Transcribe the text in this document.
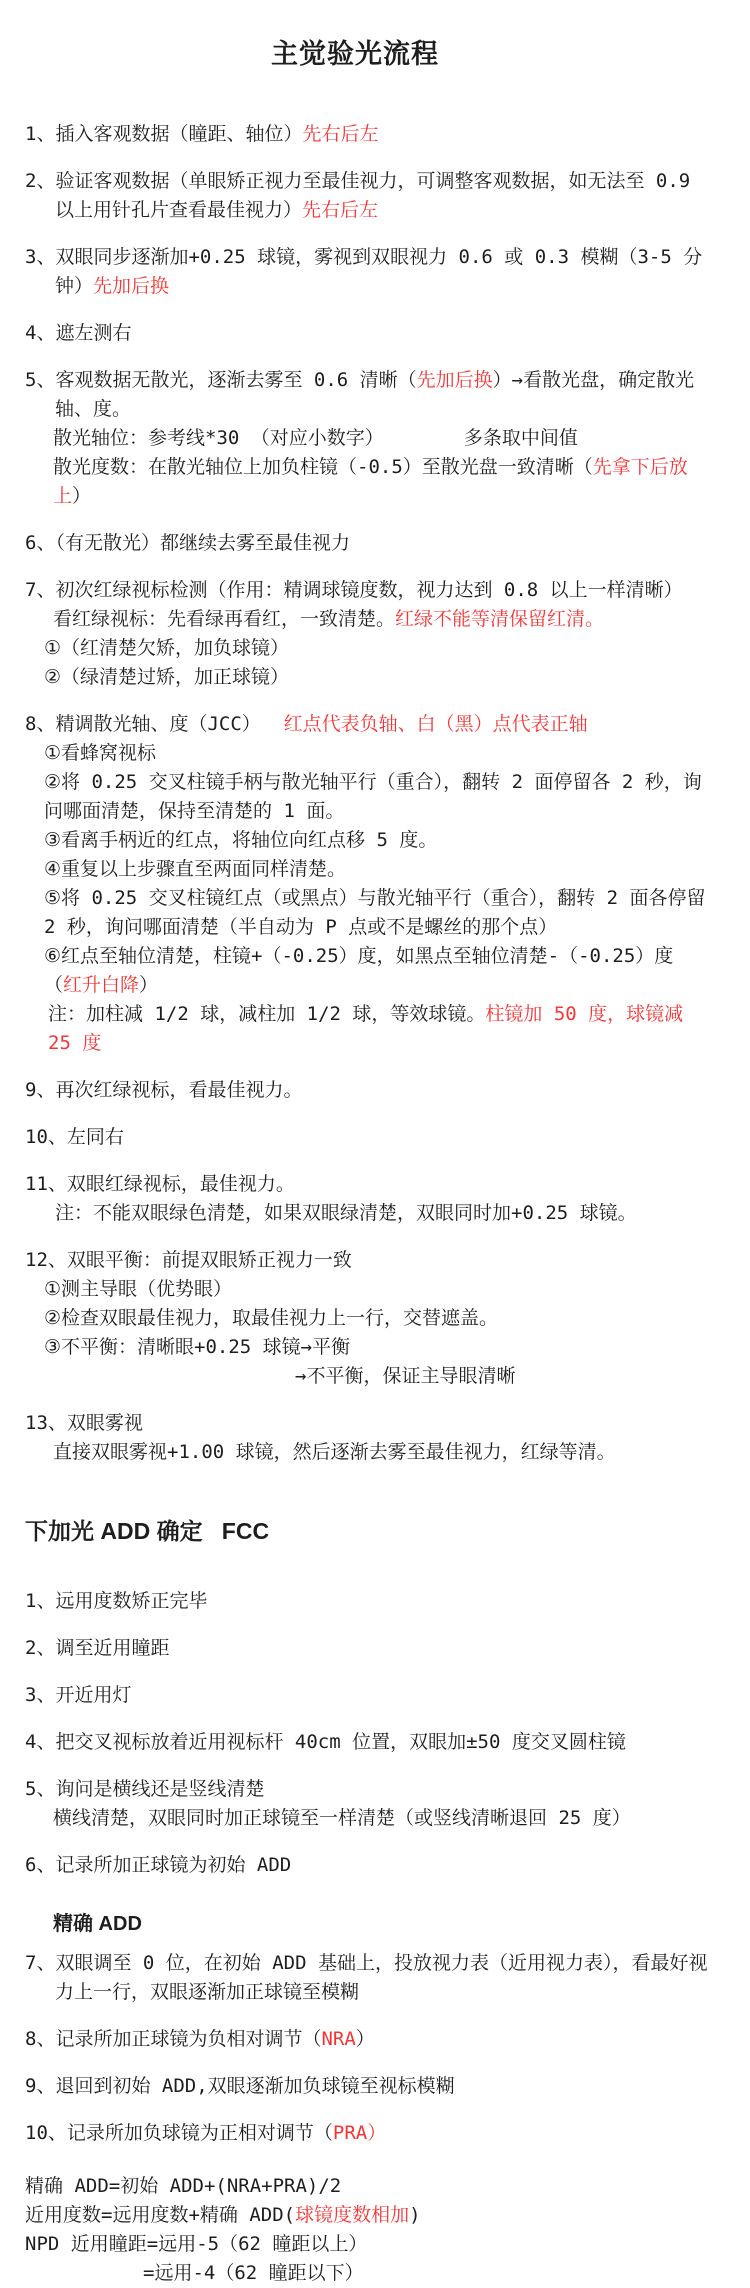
主觉验光流程
1、插入客观数据（瞳距、轴位）先右后左
2、验证客观数据（单眼矫正视力至最佳视力，可调整客观数据，如无法至 0.9 以上用针孔片查看最佳视力）先右后左
3、双眼同步逐渐加+0.25 球镜，雾视到双眼视力 0.6 或 0.3 模糊（3-5 分钟）先加后换
4、遮左测右
5、客观数据无散光，逐渐去雾至 0.6 清晰（先加后换）→看散光盘，确定散光轴、度。
散光轴位：参考线*30 （对应小数字）       多条取中间值
散光度数：在散光轴位上加负柱镜（-0.5）至散光盘一致清晰（先拿下后放上）
6、（有无散光）都继续去雾至最佳视力
7、初次红绿视标检测（作用：精调球镜度数，视力达到 0.8 以上一样清晰）
看红绿视标：先看绿再看红，一致清楚。红绿不能等清保留红清。
①（红清楚欠矫，加负球镜）
②（绿清楚过矫，加正球镜）
8、精调散光轴、度（JCC）  红点代表负轴、白（黑）点代表正轴
①看蜂窝视标
②将 0.25 交叉柱镜手柄与散光轴平行（重合），翻转 2 面停留各 2 秒，询问哪面清楚，保持至清楚的 1 面。
③看离手柄近的红点，将轴位向红点移 5 度。
④重复以上步骤直至两面同样清楚。
⑤将 0.25 交叉柱镜红点（或黑点）与散光轴平行（重合），翻转 2 面各停留 2 秒，询问哪面清楚（半自动为 P 点或不是螺丝的那个点）
⑥红点至轴位清楚，柱镜+（-0.25）度，如黑点至轴位清楚-（-0.25）度（红升白降）
注：加柱减 1/2 球，减柱加 1/2 球，等效球镜。柱镜加 50 度，球镜减 25 度
9、再次红绿视标，看最佳视力。
10、左同右
11、双眼红绿视标，最佳视力。
注：不能双眼绿色清楚，如果双眼绿清楚，双眼同时加+0.25 球镜。
12、双眼平衡：前提双眼矫正视力一致
①测主导眼（优势眼）
②检查双眼最佳视力，取最佳视力上一行，交替遮盖。
③不平衡：清晰眼+0.25 球镜→平衡
→不平衡，保证主导眼清晰
13、双眼雾视
直接双眼雾视+1.00 球镜，然后逐渐去雾至最佳视力，红绿等清。
下加光 ADD 确定   FCC
1、远用度数矫正完毕
2、调至近用瞳距
3、开近用灯
4、把交叉视标放着近用视标杆 40cm 位置，双眼加±50 度交叉圆柱镜
5、询问是横线还是竖线清楚
横线清楚，双眼同时加正球镜至一样清楚（或竖线清晰退回 25 度）
6、记录所加正球镜为初始 ADD
精确 ADD
7、双眼调至 0 位，在初始 ADD 基础上，投放视力表（近用视力表），看最好视力上一行，双眼逐渐加正球镜至模糊
8、记录所加正球镜为负相对调节（NRA）
9、退回到初始 ADD,双眼逐渐加负球镜至视标模糊
10、记录所加负球镜为正相对调节（PRA）
精确 ADD=初始 ADD+(NRA+PRA)/2
近用度数=远用度数+精确 ADD(球镜度数相加)
NPD 近用瞳距=远用-5（62 瞳距以上）
=远用-4（62 瞳距以下）
